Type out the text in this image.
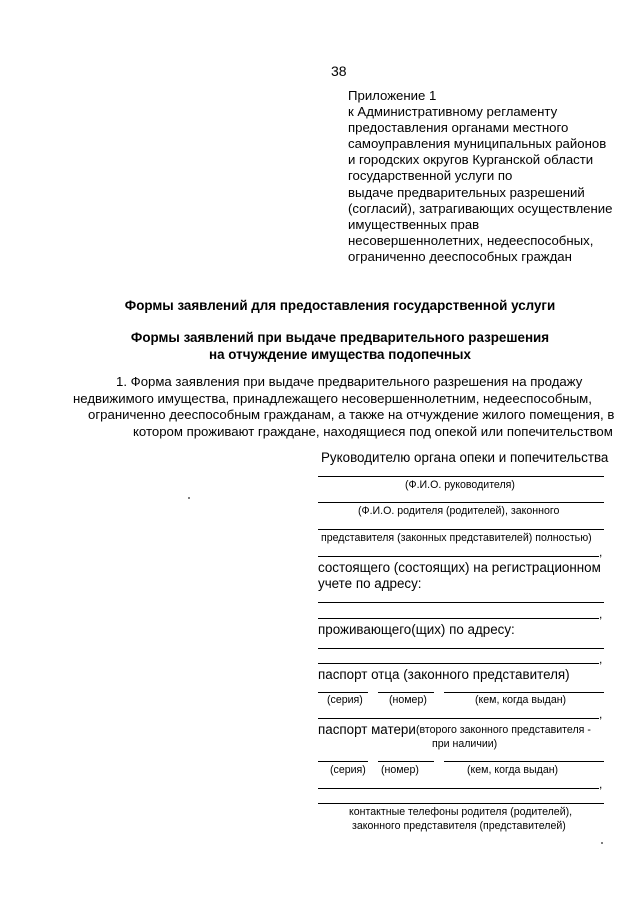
38
Приложение 1
к Административному регламенту
предоставления органами местного
самоуправления муниципальных районов
и городских округов Курганской области
государственной услуги по
выдаче предварительных разрешений
(согласий), затрагивающих осуществление
имущественных прав
несовершеннолетних, недееспособных,
ограниченно дееспособных граждан
Формы заявлений для предоставления государственной услуги
Формы заявлений при выдаче предварительного разрешения
на отчуждение имущества подопечных
1. Форма заявления при выдаче предварительного разрешения на продажу
недвижимого имущества, принадлежащего несовершеннолетним, недееспособным,
ограниченно дееспособным гражданам, а также на отчуждение жилого помещения, в
котором проживают граждане, находящиеся под опекой или попечительством
Руководителю органа опеки и попечительства
(Ф.И.О. руководителя)
(Ф.И.О. родителя (родителей), законного
представителя (законных представителей) полностью)
,
состоящего (состоящих) на регистрационном
учете по адресу:
,
проживающего(щих) по адресу:
,
паспорт отца (законного представителя)
(серия) (номер)	(кем, когда выдан)
,
паспорт матери (второго законного представителя -
при наличии)
(серия) (номер)	(кем, когда выдан)
,
контактные телефоны родителя (родителей),
законного представителя (представителей)
